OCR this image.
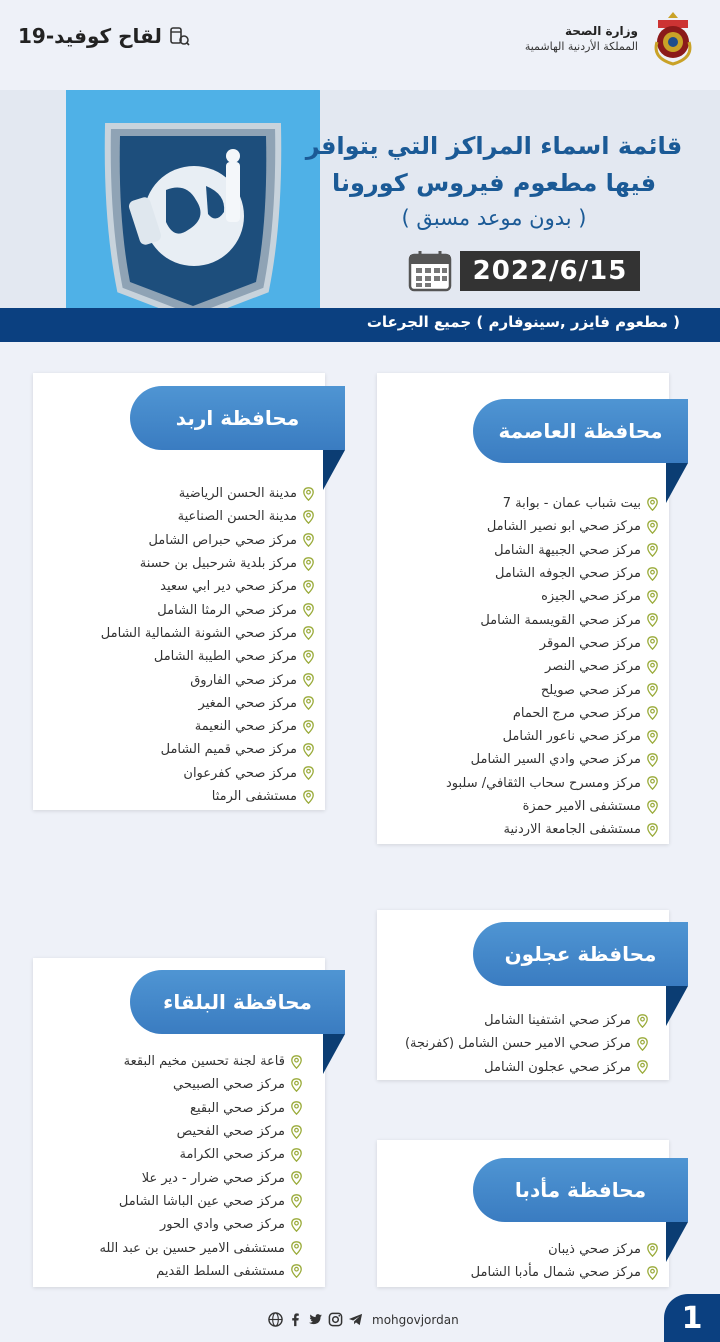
وزارة الصحة
المملكة الأردنية الهاشمية
لقاح كوفيد-19
قائمة اسماء المراكز التي يتوافر
فيها مطعوم فيروس كورونا
( بدون موعد مسبق )
2022/6/15
( مطعوم فايزر ,سينوفارم ) جميع الجرعات
محافظة العاصمة
بيت شباب عمان - بوابة 7
مركز صحي ابو نصير الشامل
مركز صحي الجبيهة الشامل
مركز صحي الجوفه الشامل
مركز صحي الجيزه
مركز صحي القويسمة الشامل
مركز صحي الموقر
مركز صحي النصر
مركز صحي صويلح
مركز صحي مرج الحمام
مركز صحي ناعور الشامل
مركز صحي وادي السير الشامل
مركز ومسرح سحاب الثقافي/ سلبود
مستشفى الامير حمزة
مستشفى الجامعة الاردنية
محافظة اربد
مدينة الحسن الرياضية
مدينة الحسن الصناعية
مركز صحي حبراص الشامل
مركز بلدية شرحبيل بن حسنة
مركز صحي دير ابي سعيد
مركز صحي الرمثا الشامل
مركز صحي الشونة الشمالية الشامل
مركز صحي الطيبة الشامل
مركز صحي الفاروق
مركز صحي المغير
مركز صحي النعيمة
مركز صحي قميم الشامل
مركز صحي كفرعوان
مستشفى الرمثا
محافظة عجلون
مركز صحي اشتفينا الشامل
مركز صحي الامير حسن الشامل (كفرنجة)
مركز صحي عجلون الشامل
محافظة البلقاء
قاعة لجنة تحسين مخيم البقعة
مركز صحي الصبيحي
مركز صحي البقيع
مركز صحي الفحيص
مركز صحي الكرامة
مركز صحي ضرار - دير علا
مركز صحي عين الباشا الشامل
مركز صحي وادي الحور
مستشفى الامير حسين بن عبد الله
مستشفى السلط القديم
محافظة مأدبا
مركز صحي ذيبان
مركز صحي شمال مأدبا الشامل
mohgovjordan	1
